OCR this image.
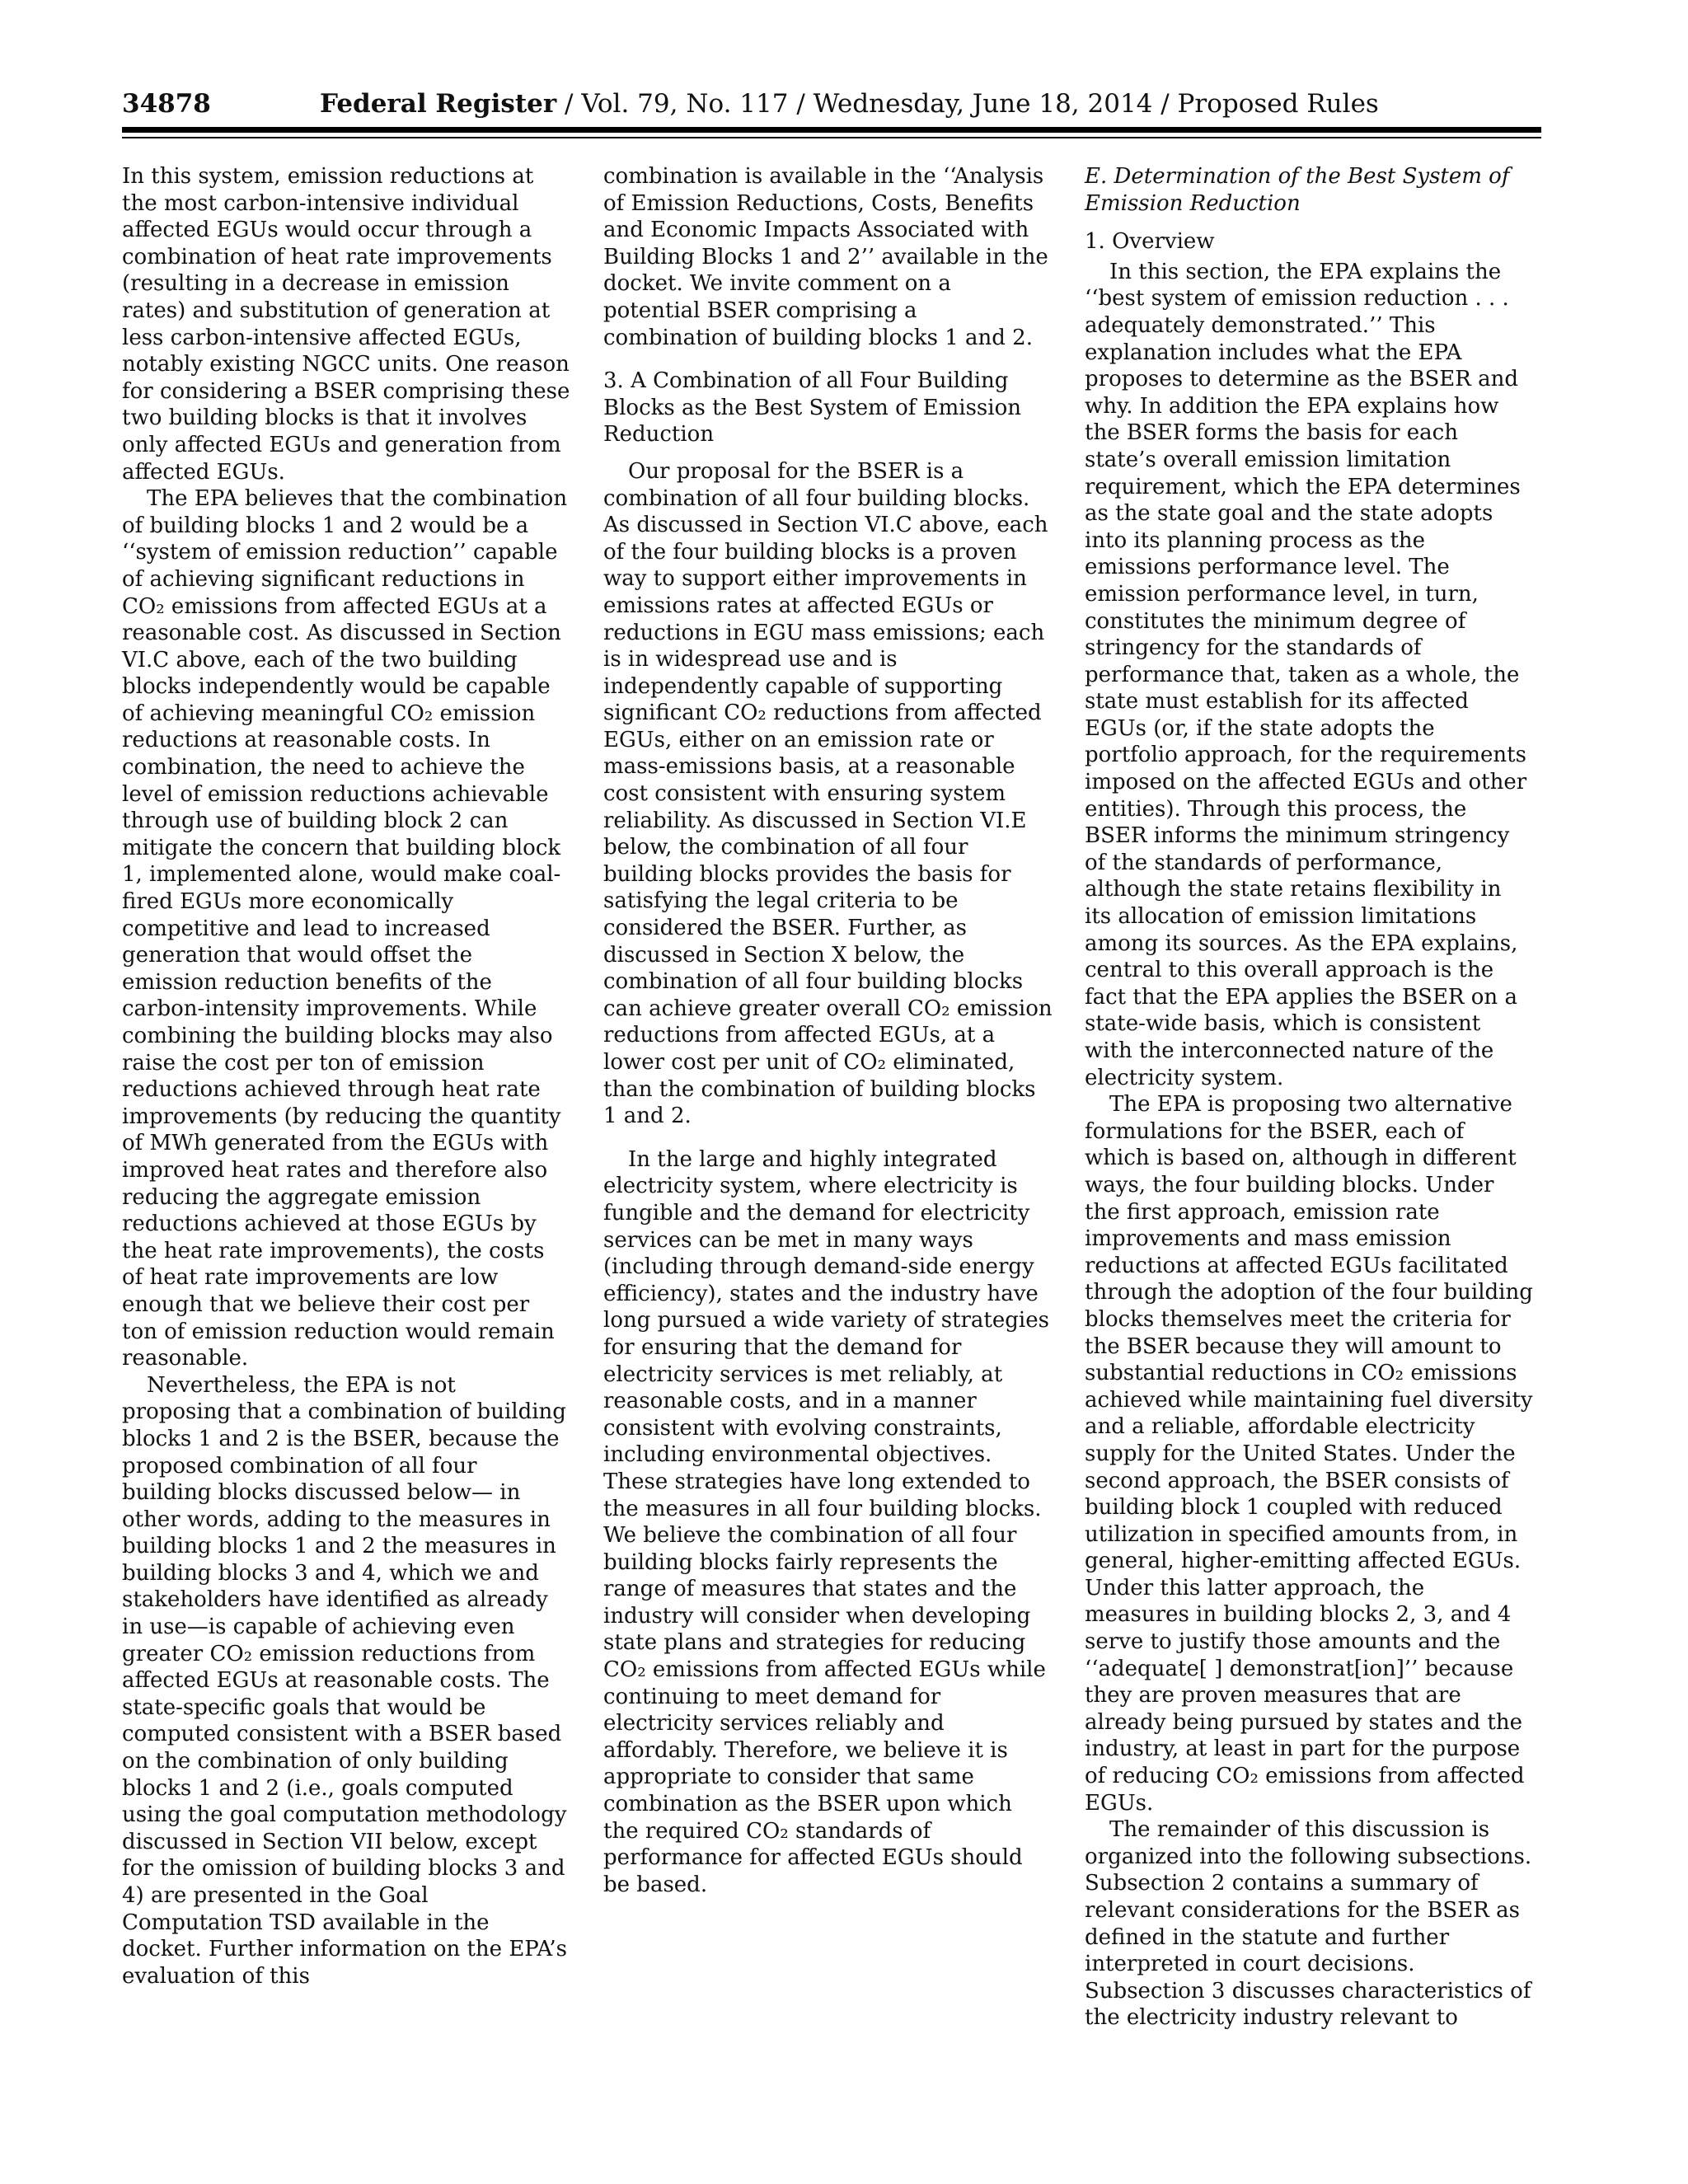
34878	Federal Register / Vol. 79, No. 117 / Wednesday, June 18, 2014 / Proposed Rules

In this system, emission reductions at the most carbon-intensive individual affected EGUs would occur through a combination of heat rate improvements (resulting in a decrease in emission rates) and substitution of generation at less carbon-intensive affected EGUs, notably existing NGCC units. One reason for considering a BSER comprising these two building blocks is that it involves only affected EGUs and generation from affected EGUs.

The EPA believes that the combination of building blocks 1 and 2 would be a ‘‘system of emission reduction’’ capable of achieving significant reductions in CO₂ emissions from affected EGUs at a reasonable cost. As discussed in Section VI.C above, each of the two building blocks independently would be capable of achieving meaningful CO₂ emission reductions at reasonable costs. In combination, the need to achieve the level of emission reductions achievable through use of building block 2 can mitigate the concern that building block 1, implemented alone, would make coal-fired EGUs more economically competitive and lead to increased generation that would offset the emission reduction benefits of the carbon-intensity improvements. While combining the building blocks may also raise the cost per ton of emission reductions achieved through heat rate improvements (by reducing the quantity of MWh generated from the EGUs with improved heat rates and therefore also reducing the aggregate emission reductions achieved at those EGUs by the heat rate improvements), the costs of heat rate improvements are low enough that we believe their cost per ton of emission reduction would remain reasonable.

Nevertheless, the EPA is not proposing that a combination of building blocks 1 and 2 is the BSER, because the proposed combination of all four building blocks discussed below— in other words, adding to the measures in building blocks 1 and 2 the measures in building blocks 3 and 4, which we and stakeholders have identified as already in use—is capable of achieving even greater CO₂ emission reductions from affected EGUs at reasonable costs. The state-specific goals that would be computed consistent with a BSER based on the combination of only building blocks 1 and 2 (i.e., goals computed using the goal computation methodology discussed in Section VII below, except for the omission of building blocks 3 and 4) are presented in the Goal Computation TSD available in the docket. Further information on the EPA’s evaluation of this

combination is available in the ‘‘Analysis of Emission Reductions, Costs, Benefits and Economic Impacts Associated with Building Blocks 1 and 2’’ available in the docket. We invite comment on a potential BSER comprising a combination of building blocks 1 and 2.

3. A Combination of all Four Building Blocks as the Best System of Emission Reduction

Our proposal for the BSER is a combination of all four building blocks. As discussed in Section VI.C above, each of the four building blocks is a proven way to support either improvements in emissions rates at affected EGUs or reductions in EGU mass emissions; each is in widespread use and is independently capable of supporting significant CO₂ reductions from affected EGUs, either on an emission rate or mass-emissions basis, at a reasonable cost consistent with ensuring system reliability. As discussed in Section VI.E below, the combination of all four building blocks provides the basis for satisfying the legal criteria to be considered the BSER. Further, as discussed in Section X below, the combination of all four building blocks can achieve greater overall CO₂ emission reductions from affected EGUs, at a lower cost per unit of CO₂ eliminated, than the combination of building blocks 1 and 2.

In the large and highly integrated electricity system, where electricity is fungible and the demand for electricity services can be met in many ways (including through demand-side energy efficiency), states and the industry have long pursued a wide variety of strategies for ensuring that the demand for electricity services is met reliably, at reasonable costs, and in a manner consistent with evolving constraints, including environmental objectives. These strategies have long extended to the measures in all four building blocks. We believe the combination of all four building blocks fairly represents the range of measures that states and the industry will consider when developing state plans and strategies for reducing CO₂ emissions from affected EGUs while continuing to meet demand for electricity services reliably and affordably. Therefore, we believe it is appropriate to consider that same combination as the BSER upon which the required CO₂ standards of performance for affected EGUs should be based.

E. Determination of the Best System of Emission Reduction
1. Overview

In this section, the EPA explains the ‘‘best system of emission reduction . . . adequately demonstrated.’’ This explanation includes what the EPA proposes to determine as the BSER and why. In addition the EPA explains how the BSER forms the basis for each state’s overall emission limitation requirement, which the EPA determines as the state goal and the state adopts into its planning process as the emissions performance level. The emission performance level, in turn, constitutes the minimum degree of stringency for the standards of performance that, taken as a whole, the state must establish for its affected EGUs (or, if the state adopts the portfolio approach, for the requirements imposed on the affected EGUs and other entities). Through this process, the BSER informs the minimum stringency of the standards of performance, although the state retains flexibility in its allocation of emission limitations among its sources. As the EPA explains, central to this overall approach is the fact that the EPA applies the BSER on a state-wide basis, which is consistent with the interconnected nature of the electricity system.

The EPA is proposing two alternative formulations for the BSER, each of which is based on, although in different ways, the four building blocks. Under the first approach, emission rate improvements and mass emission reductions at affected EGUs facilitated through the adoption of the four building blocks themselves meet the criteria for the BSER because they will amount to substantial reductions in CO₂ emissions achieved while maintaining fuel diversity and a reliable, affordable electricity supply for the United States. Under the second approach, the BSER consists of building block 1 coupled with reduced utilization in specified amounts from, in general, higher-emitting affected EGUs. Under this latter approach, the measures in building blocks 2, 3, and 4 serve to justify those amounts and the ‘‘adequate[ ] demonstrat[ion]’’ because they are proven measures that are already being pursued by states and the industry, at least in part for the purpose of reducing CO₂ emissions from affected EGUs.

The remainder of this discussion is organized into the following subsections. Subsection 2 contains a summary of relevant considerations for the BSER as defined in the statute and further interpreted in court decisions. Subsection 3 discusses characteristics of the electricity industry relevant to
